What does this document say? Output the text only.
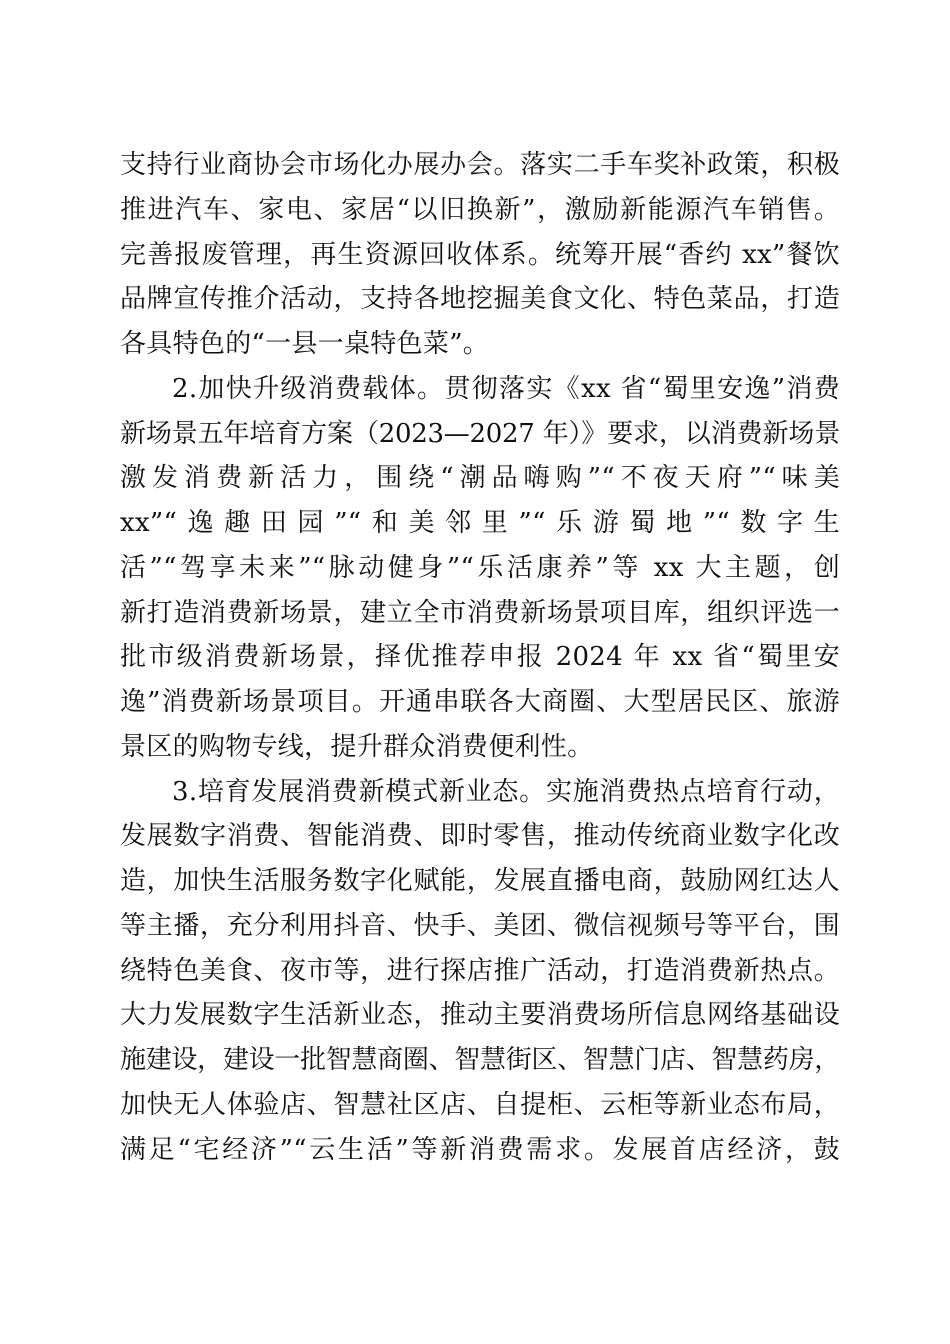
支持行业商协会市场化办展办会。落实二手车奖补政策，积极
推进汽车、家电、家居“以旧换新”，激励新能源汽车销售。
完善报废管理，再生资源回收体系。统筹开展“香约 xx”餐饮
品牌宣传推介活动，支持各地挖掘美食文化、特色菜品，打造
各具特色的“一县一桌特色菜”。
2.加快升级消费载体。贯彻落实《xx 省“蜀里安逸”消费
新场景五年培育方案（2023—2027 年）》要求，以消费新场景
激发消费新活力，围绕“潮品嗨购”“不夜天府”“味美
xx”“逸趣田园”“和美邻里”“乐游蜀地”“数字生
活”“驾享未来”“脉动健身”“乐活康养”等 xx 大主题，创
新打造消费新场景，建立全市消费新场景项目库，组织评选一
批市级消费新场景，择优推荐申报 2024 年 xx 省“蜀里安
逸”消费新场景项目。开通串联各大商圈、大型居民区、旅游
景区的购物专线，提升群众消费便利性。
3.培育发展消费新模式新业态。实施消费热点培育行动，
发展数字消费、智能消费、即时零售，推动传统商业数字化改
造，加快生活服务数字化赋能，发展直播电商，鼓励网红达人
等主播，充分利用抖音、快手、美团、微信视频号等平台，围
绕特色美食、夜市等，进行探店推广活动，打造消费新热点。
大力发展数字生活新业态，推动主要消费场所信息网络基础设
施建设，建设一批智慧商圈、智慧街区、智慧门店、智慧药房，
加快无人体验店、智慧社区店、自提柜、云柜等新业态布局，
满足“宅经济”“云生活”等新消费需求。发展首店经济，鼓
